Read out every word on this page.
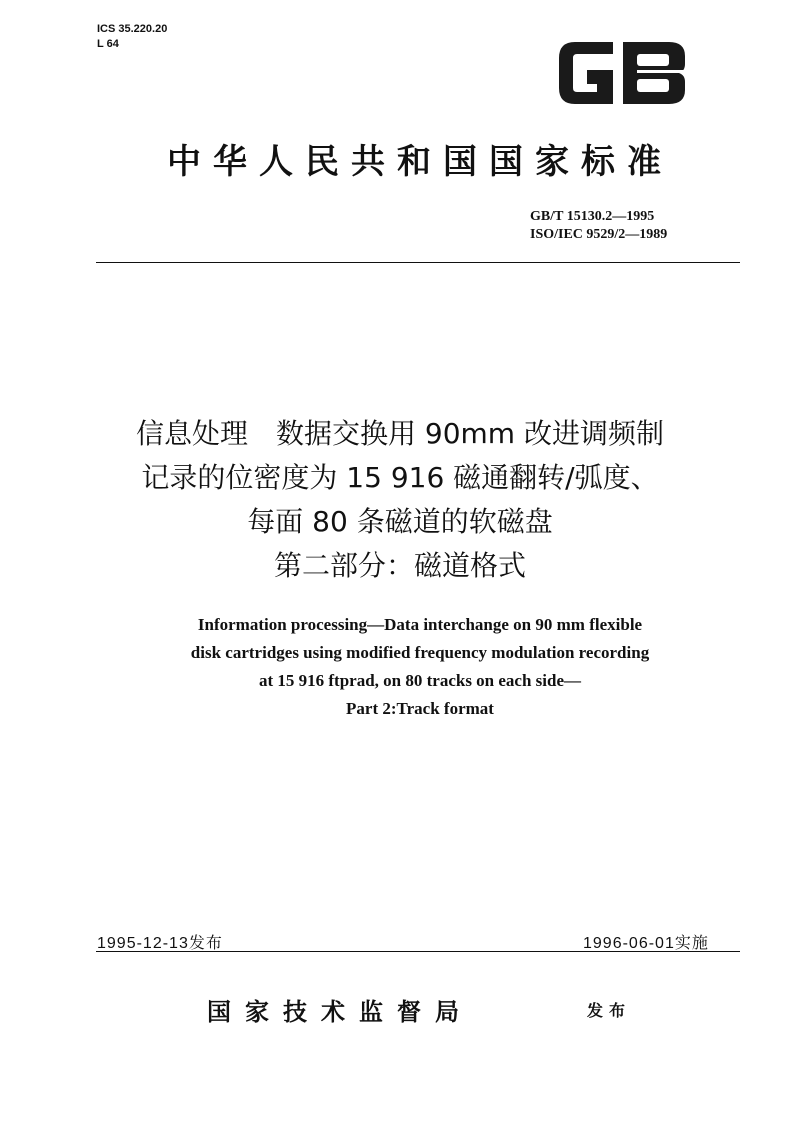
ICS 35.220.20
L 64
中华人民共和国国家标准
GB/T 15130.2—1995
ISO/IEC 9529/2—1989
信息处理　数据交换用 90mm 改进调频制
记录的位密度为 15 916 磁通翻转/弧度、
每面 80 条磁道的软磁盘
第二部分：磁道格式
Information processing—Data interchange on 90 mm flexible
disk cartridges using modified frequency modulation recording
at 15 916 ftprad, on 80 tracks on each side—
Part 2:Track format
1995-12-13发布	1996-06-01实施
国家技术监督局	发布
